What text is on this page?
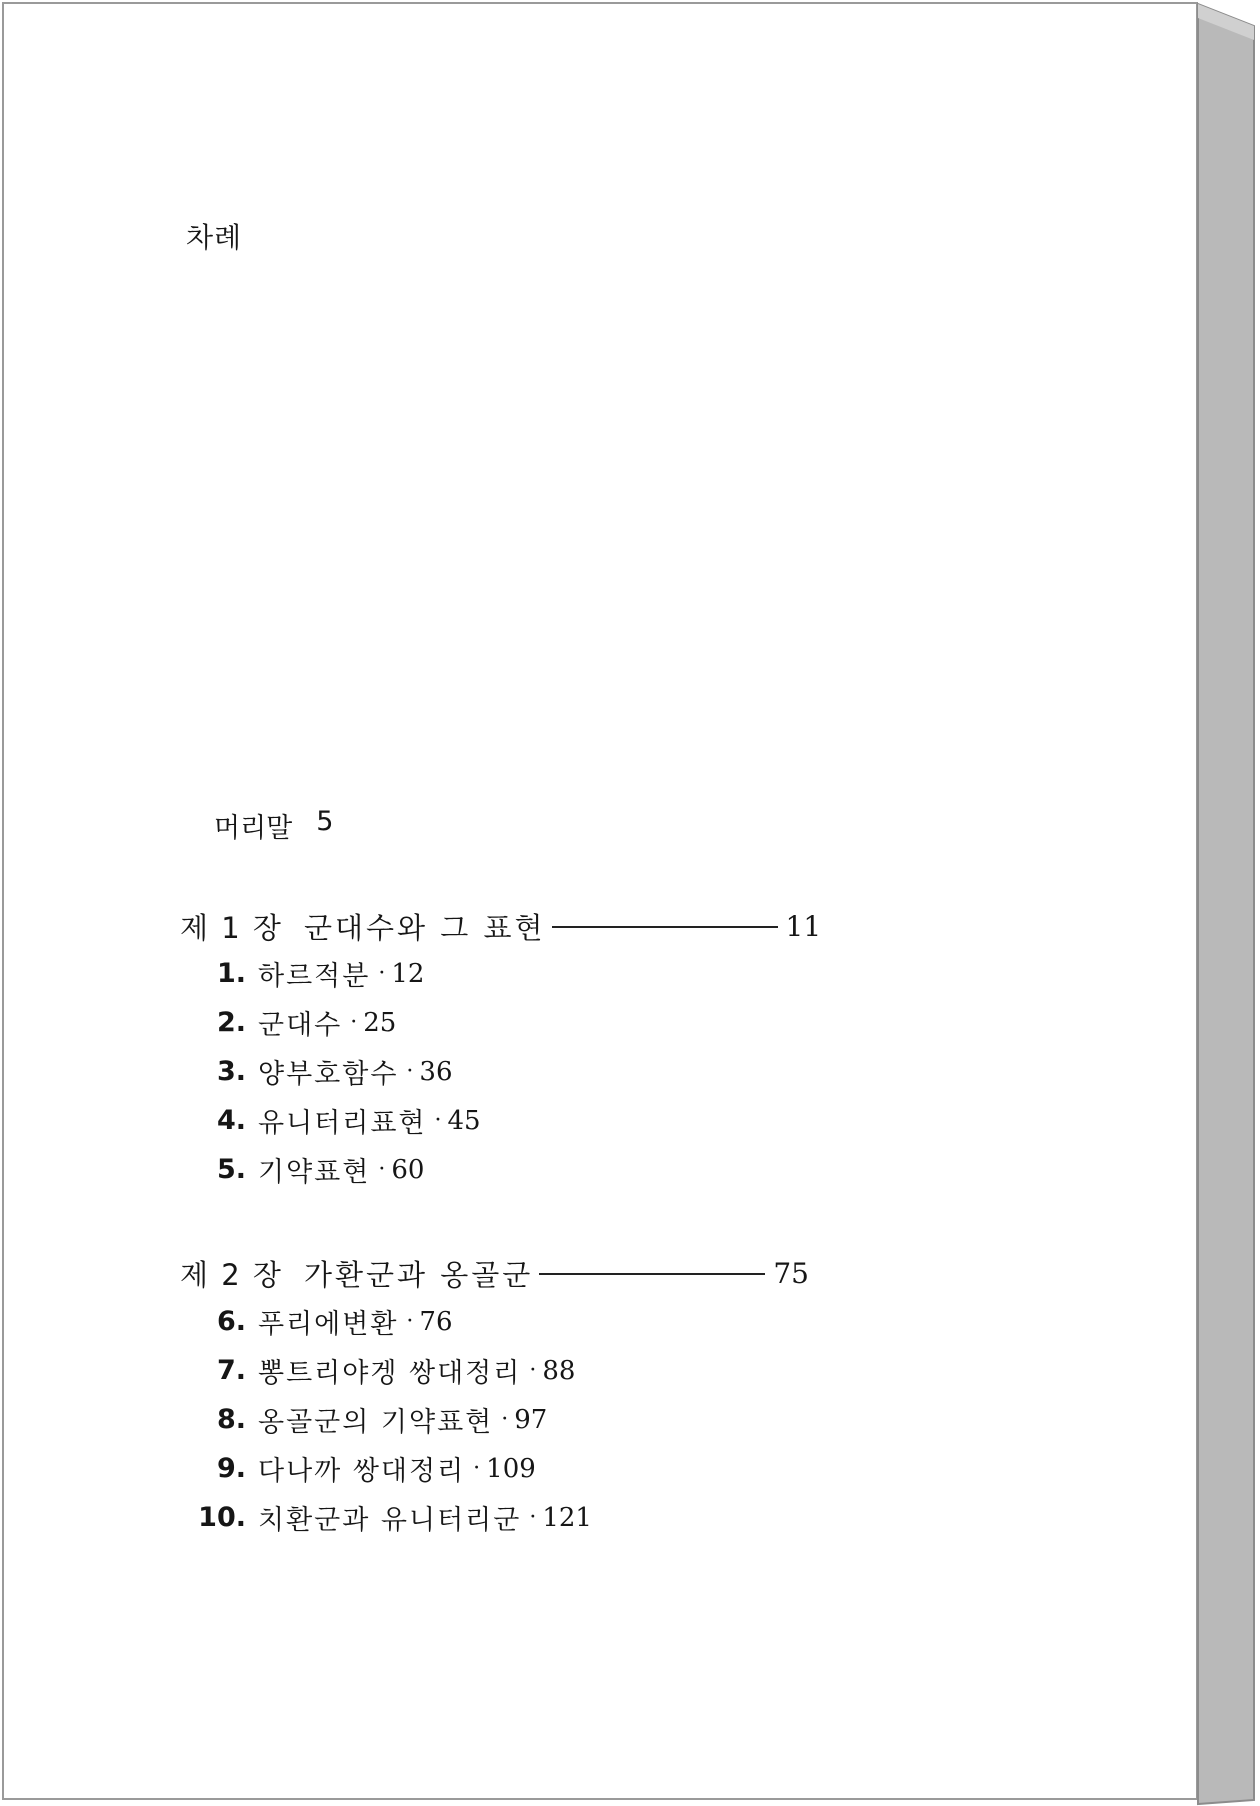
차례
머리말 5
제 1 장 군대수와 그 표현	11
1. 하르적분 · 12
2. 군대수 · 25
3. 양부호함수 · 36
4. 유니터리표현 · 45
5. 기약표현 · 60
제 2 장 가환군과 옹골군	75
6. 푸리에변환 · 76
7. 뽕트리야겡 쌍대정리 · 88
8. 옹골군의 기약표현 · 97
9. 다나까 쌍대정리 · 109
10. 치환군과 유니터리군 · 121
